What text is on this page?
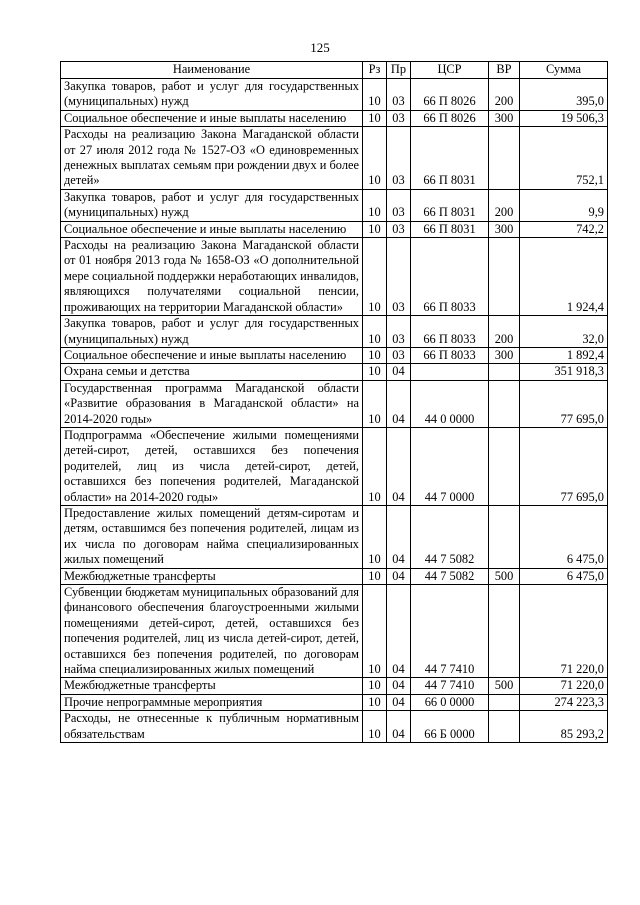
125
Наименование	Рз	Пр	ЦСР	ВР	Сумма
Закупка товаров, работ и услуг для государственных (муниципальных) нужд	10	03	66 П 8026	200	395,0
Социальное обеспечение и иные выплаты населению	10	03	66 П 8026	300	19 506,3
Расходы на реализацию Закона Магаданской области от 27 июля 2012 года № 1527-ОЗ «О единовременных денежных выплатах семьям при рождении двух и более детей»	10	03	66 П 8031		752,1
Закупка товаров, работ и услуг для государственных (муниципальных) нужд	10	03	66 П 8031	200	9,9
Социальное обеспечение и иные выплаты населению	10	03	66 П 8031	300	742,2
Расходы на реализацию Закона Магаданской области от 01 ноября 2013 года № 1658-ОЗ «О дополнительной мере социальной поддержки неработающих инвалидов, являющихся получателями социальной пенсии, проживающих на территории Магаданской области»	10	03	66 П 8033		1 924,4
Закупка товаров, работ и услуг для государственных (муниципальных) нужд	10	03	66 П 8033	200	32,0
Социальное обеспечение и иные выплаты населению	10	03	66 П 8033	300	1 892,4
Охрана семьи и детства	10	04			351 918,3
Государственная программа Магаданской области «Развитие образования в Магаданской области» на 2014-2020 годы»	10	04	44 0 0000		77 695,0
Подпрограмма «Обеспечение жилыми помещениями детей-сирот, детей, оставшихся без попечения родителей, лиц из числа детей-сирот, детей, оставшихся без попечения родителей, Магаданской области» на 2014-2020 годы»	10	04	44 7 0000		77 695,0
Предоставление жилых помещений детям-сиротам и детям, оставшимся без попечения родителей, лицам из их числа по договорам найма специализированных жилых помещений	10	04	44 7 5082		6 475,0
Межбюджетные трансферты	10	04	44 7 5082	500	6 475,0
Субвенции бюджетам муниципальных образований для финансового обеспечения благоустроенными жилыми помещениями детей-сирот, детей, оставшихся без попечения родителей, лиц из числа детей-сирот, детей, оставшихся без попечения родителей, по договорам найма специализированных жилых помещений	10	04	44 7 7410		71 220,0
Межбюджетные трансферты	10	04	44 7 7410	500	71 220,0
Прочие непрограммные мероприятия	10	04	66 0 0000		274 223,3
Расходы, не отнесенные к публичным нормативным обязательствам	10	04	66 Б 0000		85 293,2
